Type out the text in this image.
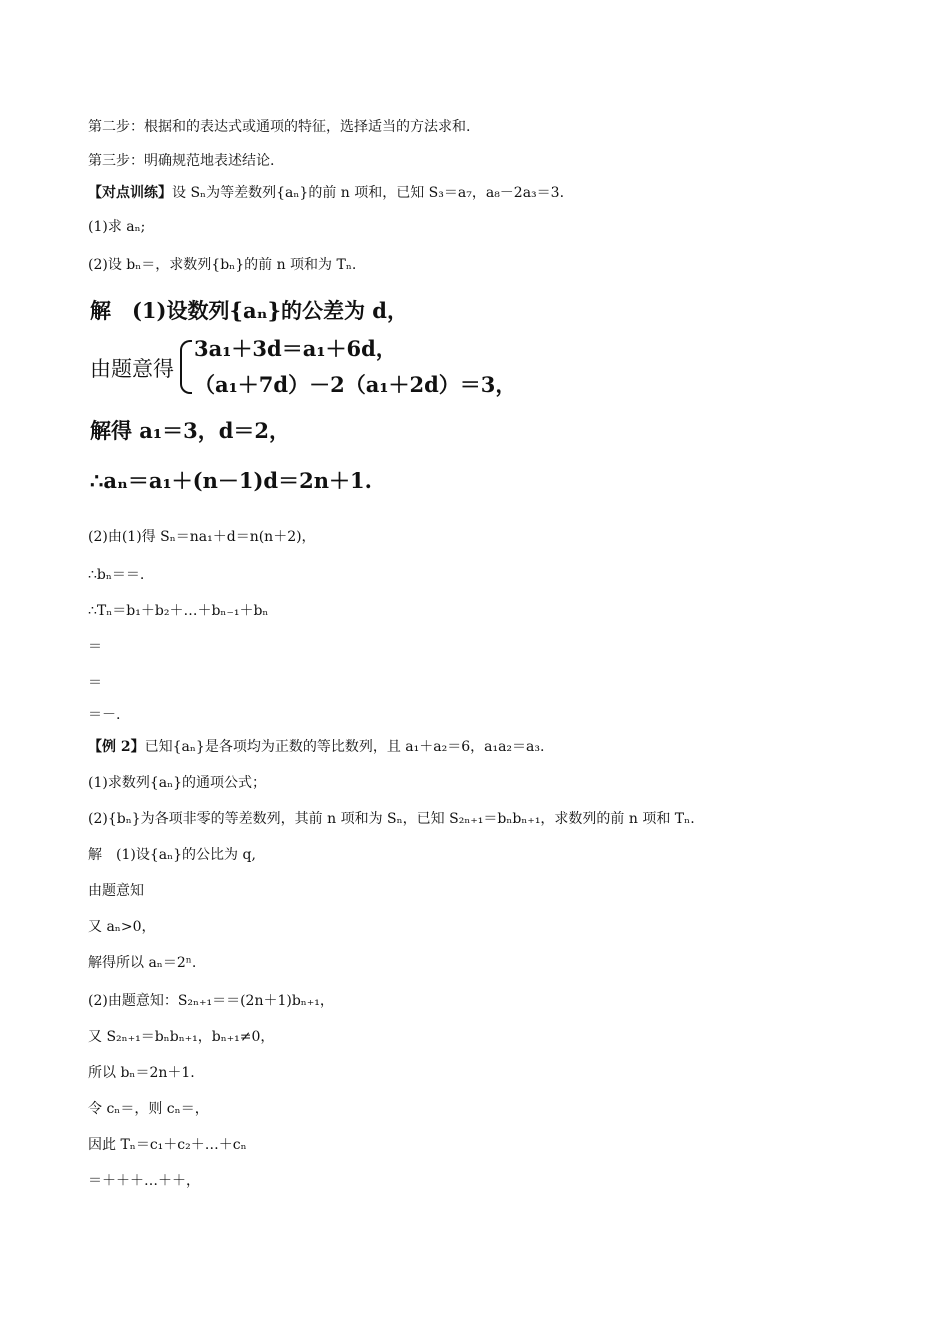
第二步：根据和的表达式或通项的特征，选择适当的方法求和.
第三步：明确规范地表述结论.
【对点训练】设 Sₙ为等差数列{aₙ}的前 n 项和，已知 S₃＝a₇，a₈－2a₃＝3.
(1)求 aₙ;
(2)设 bₙ＝，求数列{bₙ}的前 n 项和为 Tₙ.
解　(1)设数列{aₙ}的公差为 d，
由题意得
3a₁＋3d＝a₁＋6d，
（a₁＋7d）－2（a₁＋2d）＝3，
解得 a₁＝3，d＝2，
∴aₙ＝a₁＋(n－1)d＝2n＋1.
(2)由(1)得 Sₙ＝na₁＋d＝n(n＋2)，
∴bₙ＝＝.
∴Tₙ＝b₁＋b₂＋…＋bₙ₋₁＋bₙ
＝
＝
＝－.
【例 2】已知{aₙ}是各项均为正数的等比数列，且 a₁＋a₂＝6，a₁a₂＝a₃.
(1)求数列{aₙ}的通项公式；
(2){bₙ}为各项非零的等差数列，其前 n 项和为 Sₙ，已知 S₂ₙ₊₁＝bₙbₙ₊₁，求数列的前 n 项和 Tₙ.
解　(1)设{aₙ}的公比为 q,
由题意知
又 aₙ>0，
解得所以 aₙ＝2ⁿ.
(2)由题意知：S₂ₙ₊₁＝＝(2n＋1)bₙ₊₁，
又 S₂ₙ₊₁＝bₙbₙ₊₁，bₙ₊₁≠0，
所以 bₙ＝2n＋1.
令 cₙ＝，则 cₙ＝，
因此 Tₙ＝c₁＋c₂＋…＋cₙ
＝＋＋＋…＋＋，
